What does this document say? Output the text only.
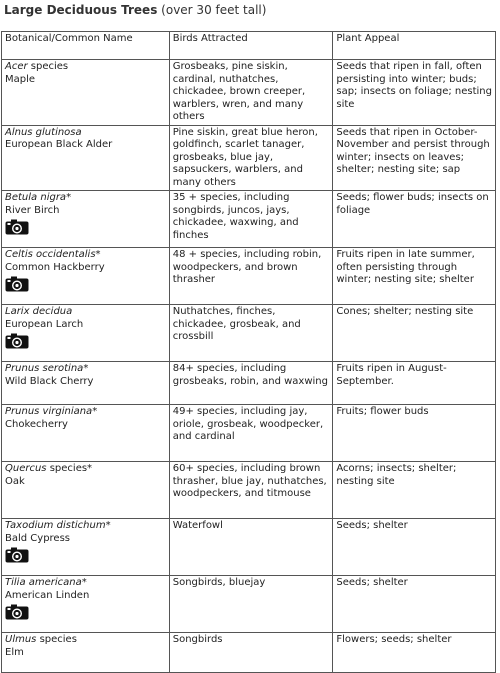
Large Deciduous Trees (over 30 feet tall)
Botanical/Common Name	Birds Attracted	Plant Appeal
Acer species
Maple	Grosbeaks, pine siskin, cardinal, nuthatches, chickadee, brown creeper, warblers, wren, and many others	Seeds that ripen in fall, often persisting into winter; buds; sap; insects on foliage; nesting site
Alnus glutinosa
European Black Alder	Pine siskin, great blue heron, goldfinch, scarlet tanager, grosbeaks, blue jay, sapsuckers, warblers, and many others	Seeds that ripen in October-November and persist through winter; insects on leaves; shelter; nesting site; sap
Betula nigra*
River Birch	35 + species, including songbirds, juncos, jays, chickadee, waxwing, and finches	Seeds; flower buds; insects on foliage
Celtis occidentalis*
Common Hackberry	48 + species, including robin, woodpeckers, and brown thrasher	Fruits ripen in late summer, often persisting through winter; nesting site; shelter
Larix decidua
European Larch	Nuthatches, finches, chickadee, grosbeak, and crossbill	Cones; shelter; nesting site
Prunus serotina*
Wild Black Cherry	84+ species, including grosbeaks, robin, and waxwing	Fruits ripen in August-September.
Prunus virginiana*
Chokecherry	49+ species, including jay, oriole, grosbeak, woodpecker, and cardinal	Fruits; flower buds
Quercus species*
Oak	60+ species, including brown thrasher, blue jay, nuthatches, woodpeckers, and titmouse	Acorns; insects; shelter; nesting site
Taxodium distichum*
Bald Cypress	Waterfowl	Seeds; shelter
Tilia americana*
American Linden	Songbirds, bluejay	Seeds; shelter
Ulmus species
Elm	Songbirds	Flowers; seeds; shelter
